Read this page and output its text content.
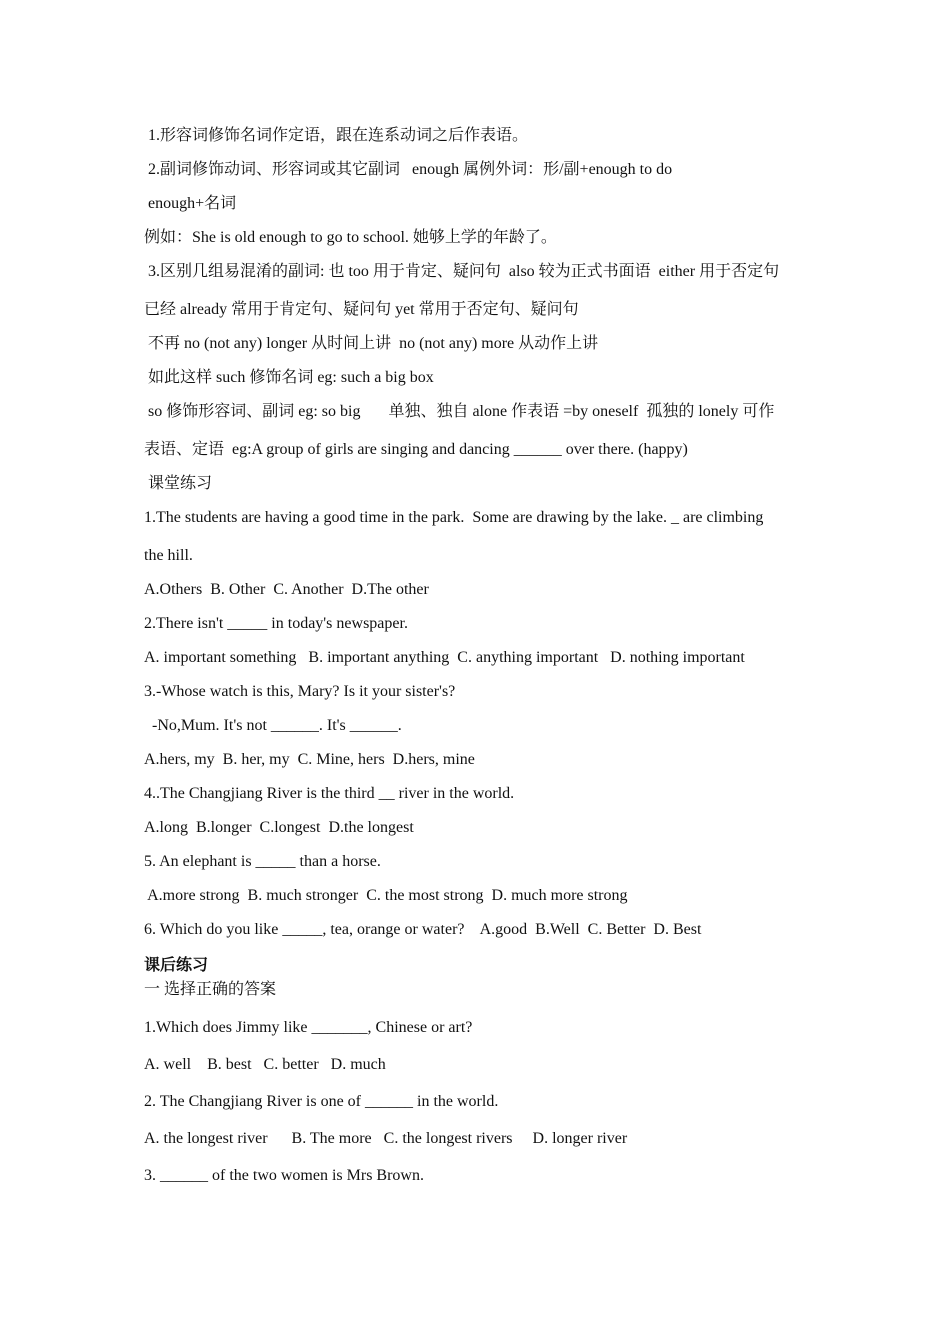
1.形容词修饰名词作定语，跟在连系动词之后作表语。

2.副词修饰动词、形容词或其它副词   enough 属例外词：形/副+enough to do

enough+名词

例如：She is old enough to go to school. 她够上学的年龄了。

3.区别几组易混淆的副词: 也 too 用于肯定、疑问句  also 较为正式书面语  either 用于否定句

已经 already 常用于肯定句、疑问句 yet 常用于否定句、疑问句

不再 no (not any) longer 从时间上讲  no (not any) more 从动作上讲

如此这样 such 修饰名词 eg: such a big box

so 修饰形容词、副词 eg: so big       单独、独自 alone 作表语 =by oneself  孤独的 lonely 可作

表语、定语  eg:A group of girls are singing and dancing ______ over there. (happy)

课堂练习

1.The students are having a good time in the park.  Some are drawing by the lake. _ are climbing

the hill.

A.Others  B. Other  C. Another  D.The other

2.There isn't _____ in today's newspaper.

A. important something   B. important anything  C. anything important   D. nothing important

3.-Whose watch is this, Mary? Is it your sister's?

-No,Mum. It's not ______. It's ______.

A.hers, my  B. her, my  C. Mine, hers  D.hers, mine

4..The Changjiang River is the third __ river in the world.

A.long  B.longer  C.longest  D.the longest

5. An elephant is _____ than a horse.

A.more strong  B. much stronger  C. the most strong  D. much more strong

6. Which do you like _____, tea, orange or water?    A.good  B.Well  C. Better  D. Best

课后练习

一 选择正确的答案

1.Which does Jimmy like _______, Chinese or art?

A. well    B. best   C. better   D. much

2. The Changjiang River is one of ______ in the world.

A. the longest river      B. The more   C. the longest rivers     D. longer river

3. ______ of the two women is Mrs Brown.
